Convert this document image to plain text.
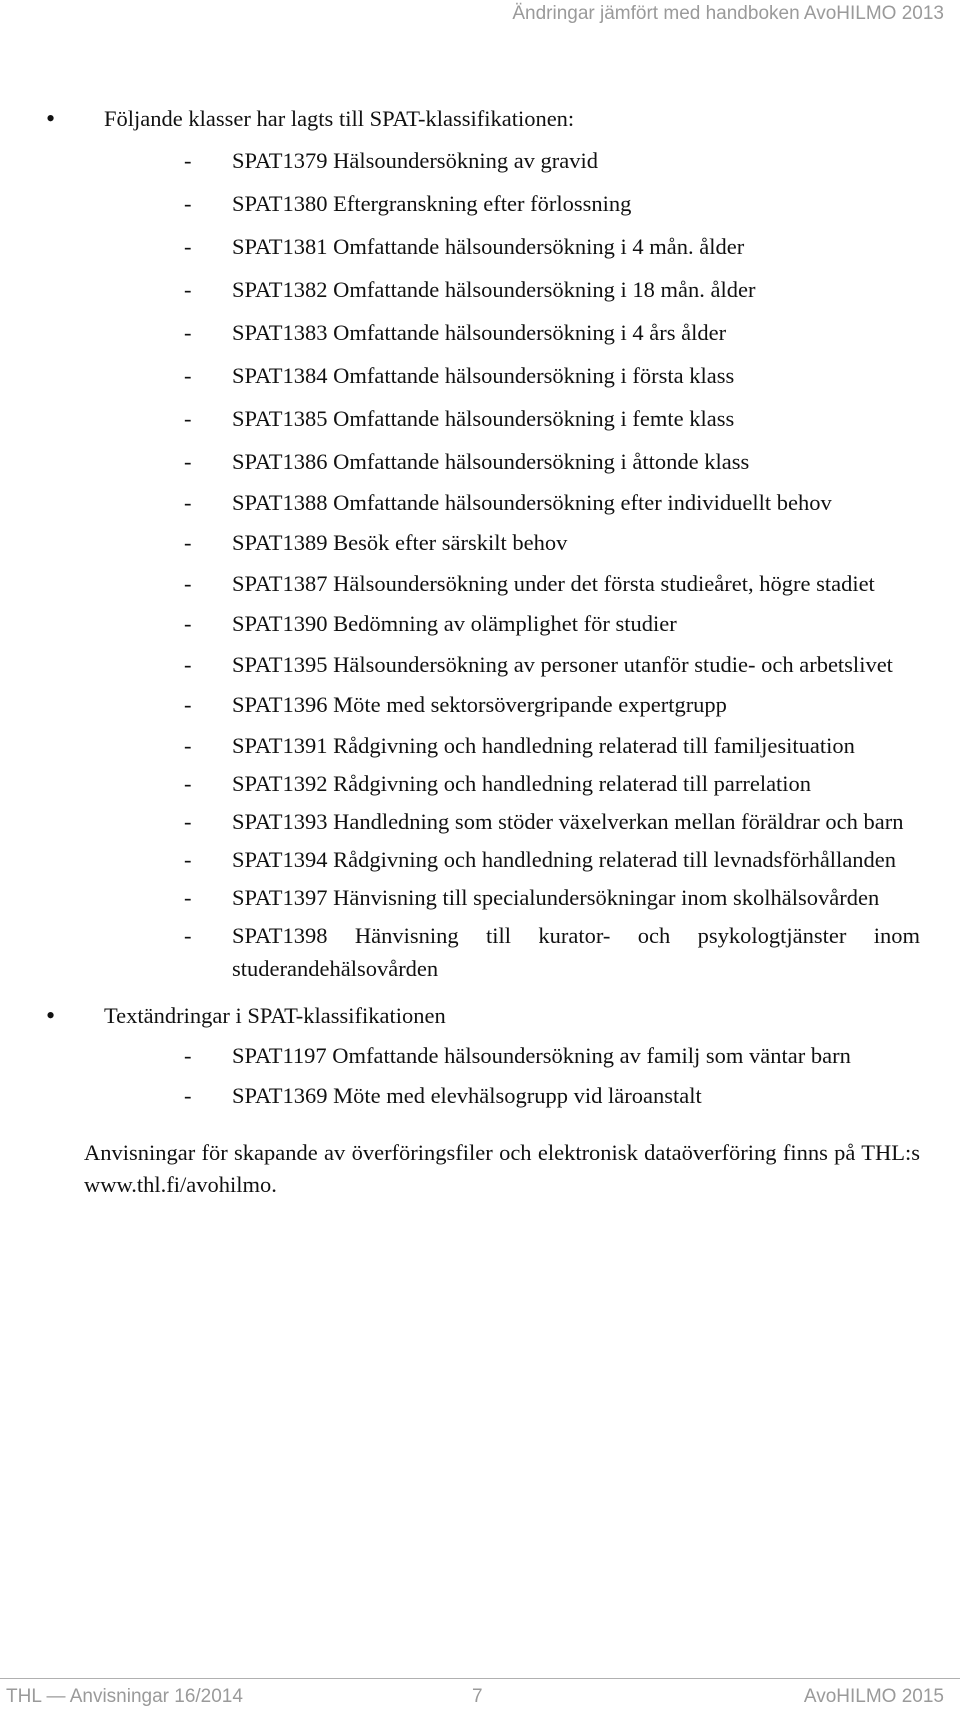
Ändringar jämfört med handboken AvoHILMO 2013
•	Följande klasser har lagts till SPAT-klassifikationen:
- SPAT1379 Hälsoundersökning av gravid
- SPAT1380 Eftergranskning efter förlossning
- SPAT1381 Omfattande hälsoundersökning i 4 mån. ålder
- SPAT1382 Omfattande hälsoundersökning i 18 mån. ålder
- SPAT1383 Omfattande hälsoundersökning i 4 års ålder
- SPAT1384 Omfattande hälsoundersökning i första klass
- SPAT1385 Omfattande hälsoundersökning i femte klass
- SPAT1386 Omfattande hälsoundersökning i åttonde klass
- SPAT1388 Omfattande hälsoundersökning efter individuellt behov
- SPAT1389 Besök efter särskilt behov
- SPAT1387 Hälsoundersökning under det första studieåret, högre stadiet
- SPAT1390 Bedömning av olämplighet för studier
- SPAT1395 Hälsoundersökning av personer utanför studie- och arbetslivet
- SPAT1396 Möte med sektorsövergripande expertgrupp
- SPAT1391 Rådgivning och handledning relaterad till familjesituation
- SPAT1392 Rådgivning och handledning relaterad till parrelation
- SPAT1393 Handledning som stöder växelverkan mellan föräldrar och barn
- SPAT1394 Rådgivning och handledning relaterad till levnadsförhållanden
- SPAT1397 Hänvisning till specialundersökningar inom skolhälsovården
- SPAT1398 Hänvisning till kurator- och psykologtjänster inom studerandehälsovården
•	Textändringar i SPAT-klassifikationen
- SPAT1197 Omfattande hälsoundersökning av familj som väntar barn
- SPAT1369 Möte med elevhälsogrupp vid läroanstalt

Anvisningar för skapande av överföringsfiler och elektronisk dataöverföring finns på THL:s www.thl.fi/avohilmo.

THL — Anvisningar 16/2014	7	AvoHILMO 2015
